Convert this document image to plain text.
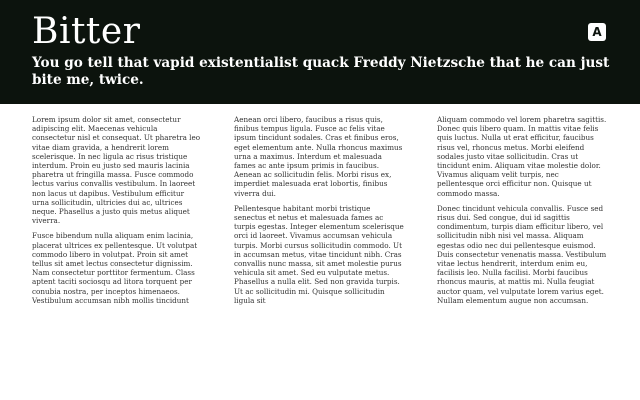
Bitter

You go tell that vapid existentialist quack Freddy Nietzsche that he can just bite me, twice.

A

Lorem ipsum dolor sit amet, consectetur adipiscing elit. Maecenas vehicula consectetur nisl et consequat. Ut pharetra leo vitae diam gravida, a hendrerit lorem scelerisque. In nec ligula ac risus tristique interdum. Proin eu justo sed mauris lacinia pharetra ut fringilla massa. Fusce commodo lectus varius convallis vestibulum. In laoreet non lacus ut dapibus. Vestibulum efficitur urna sollicitudin, ultricies dui ac, ultrices neque. Phasellus a justo quis metus aliquet viverra.

Fusce bibendum nulla aliquam enim lacinia, placerat ultrices ex pellentesque. Ut volutpat commodo libero in volutpat. Proin sit amet tellus sit amet lectus consectetur dignissim. Nam consectetur porttitor fermentum. Class aptent taciti sociosqu ad litora torquent per conubia nostra, per inceptos himenaeos. Vestibulum accumsan nibh mollis tincidunt

Aenean orci libero, faucibus a risus quis, finibus tempus ligula. Fusce ac felis vitae ipsum tincidunt sodales. Cras et finibus eros, eget elementum ante. Nulla rhoncus maximus urna a maximus. Interdum et malesuada fames ac ante ipsum primis in faucibus. Aenean ac sollicitudin felis. Morbi risus ex, imperdiet malesuada erat lobortis, finibus viverra dui.

Pellentesque habitant morbi tristique senectus et netus et malesuada fames ac turpis egestas. Integer elementum scelerisque orci id laoreet. Vivamus accumsan vehicula turpis. Morbi cursus sollicitudin commodo. Ut in accumsan metus, vitae tincidunt nibh. Cras convallis nunc massa, sit amet molestie purus vehicula sit amet. Sed eu vulputate metus. Phasellus a nulla elit. Sed non gravida turpis. Ut ac sollicitudin mi. Quisque sollicitudin ligula sit

Aliquam commodo vel lorem pharetra sagittis. Donec quis libero quam. In mattis vitae felis quis luctus. Nulla ut erat efficitur, faucibus risus vel, rhoncus metus. Morbi eleifend sodales justo vitae sollicitudin. Cras ut tincidunt enim. Aliquam vitae molestie dolor. Vivamus aliquam velit turpis, nec pellentesque orci efficitur non. Quisque ut commodo massa.

Donec tincidunt vehicula convallis. Fusce sed risus dui. Sed congue, dui id sagittis condimentum, turpis diam efficitur libero, vel sollicitudin nibh nisi vel massa. Aliquam egestas odio nec dui pellentesque euismod. Duis consectetur venenatis massa. Vestibulum vitae lectus hendrerit, interdum enim eu, facilisis leo. Nulla facilisi. Morbi faucibus rhoncus mauris, at mattis mi. Nulla feugiat auctor quam, vel vulputate lorem varius eget. Nullam elementum augue non accumsan.
